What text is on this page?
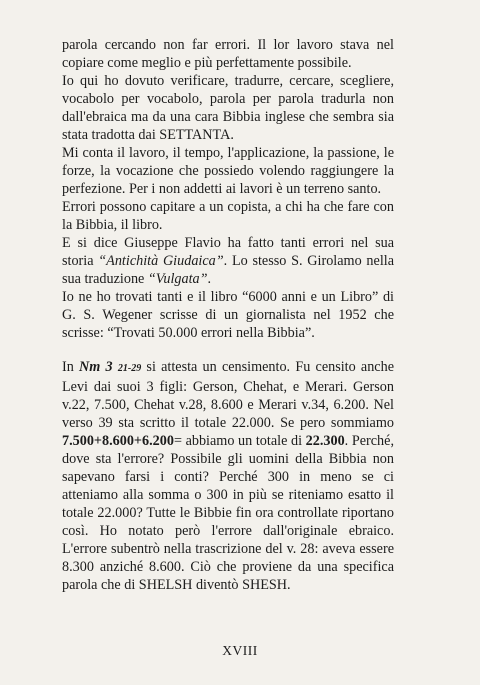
parola cercando non far errori. Il lor lavoro stava nel copiare come meglio e più perfettamente possibile.

Io qui ho dovuto verificare, tradurre, cercare, scegliere, vocabolo per vocabolo, parola per parola tradurla non dall'ebraica ma da una cara Bibbia inglese che sembra sia stata tradotta dai SETTANTA.

Mi conta il lavoro, il tempo, l'applicazione, la passione, le forze, la vocazione che possiedo volendo raggiungere la perfezione. Per i non addetti ai lavori è un terreno santo.

Errori possono capitare a un copista, a chi ha che fare con la Bibbia, il libro.

E si dice Giuseppe Flavio ha fatto tanti errori nel sua storia “Antichità Giudaica”. Lo stesso S. Girolamo nella sua traduzione “Vulgata”.

Io ne ho trovati tanti e il libro “6000 anni e un Libro” di G. S. Wegener scrisse di un giornalista nel 1952 che scrisse: “Trovati 50.000 errori nella Bibbia”.

In Nm 3 21-29 si attesta un censimento. Fu censito anche Levi dai suoi 3 figli: Gerson, Chehat, e Merari. Gerson v.22, 7.500, Chehat v.28, 8.600 e Merari v.34, 6.200. Nel verso 39 sta scritto il totale 22.000. Se pero sommiamo 7.500+8.600+6.200= abbiamo un totale di 22.300. Perché, dove sta l'errore? Possibile gli uomini della Bibbia non sapevano farsi i conti? Perché 300 in meno se ci atteniamo alla somma o 300 in più se riteniamo esatto il totale 22.000? Tutte le Bibbie fin ora controllate riportano così. Ho notato però l'errore dall'originale ebraico. L'errore subentrò nella trascrizione del v. 28: aveva essere 8.300 anziché 8.600. Ciò che proviene da una specifica parola che di SHELSH diventò SHESH.

XVIII
